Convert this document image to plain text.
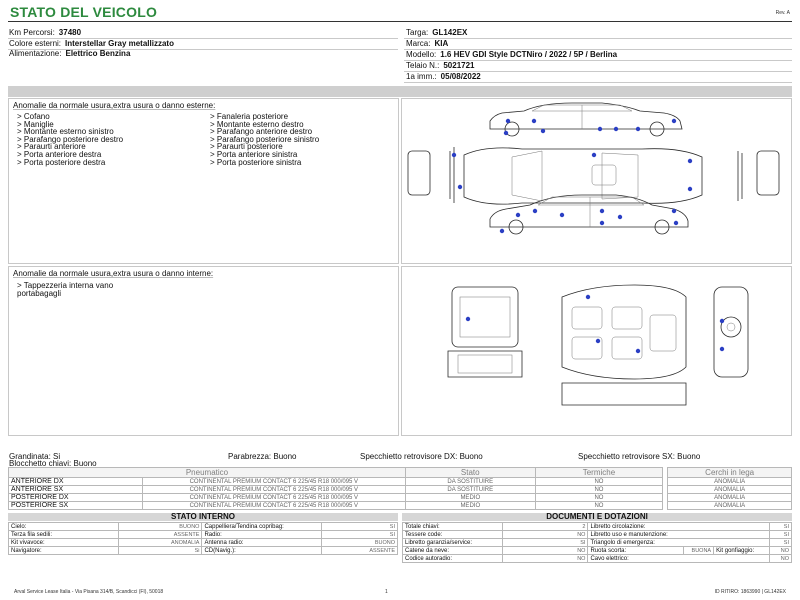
STATO DEL VEICOLO	Rev. A
Km Percorsi: 37480
Colore esterni: Interstellar Gray metallizzato
Alimentazione: Elettrico Benzina
Targa: GL142EX
Marca: KIA
Modello: 1.6 HEV GDI Style DCTNiro / 2022 / 5P / Berlina
Telaio N.: 5021721
1a imm.: 05/08/2022
Anomalie da normale usura,extra usura o danno esterne:
> Cofano
> Maniglie
> Montante esterno sinistro
> Parafango posteriore destro
> Paraurti anteriore
> Porta anteriore destra
> Porta posteriore destra
> Fanaleria posteriore
> Montante esterno destro
> Parafango anteriore destro
> Parafango posteriore sinistro
> Paraurti posteriore
> Porta anteriore sinistra
> Porta posteriore sinistra
Anomalie da normale usura,extra usura o danno interne:
> Tappezzeria interna vano
portabagagli
Grandinata: Si	Parabrezza: Buono	Specchietto retrovisore DX: Buono	Specchietto retrovisore SX: Buono
Blocchetto chiavi: Buono
Pneumatico		Stato	Termiche		Cerchi in lega
ANTERIORE DX	CONTINENTAL PREMIUM CONTACT 6 225/45 R18 000/095 V	DA SOSTITUIRE	NO		ANOMALIA
ANTERIORE SX	CONTINENTAL PREMIUM CONTACT 6 225/45 R18 000/095 V	DA SOSTITUIRE	NO		ANOMALIA
POSTERIORE DX	CONTINENTAL PREMIUM CONTACT 6 225/45 R18 000/095 V	MEDIO	NO		ANOMALIA
POSTERIORE SX	CONTINENTAL PREMIUM CONTACT 6 225/45 R18 000/095 V	MEDIO	NO		ANOMALIA
STATO INTERNO
Cielo:	BUONO	Cappelliera/Tendina copribag:	SI
Terza fila sedili:	ASSENTE	Radio:	SI
Kit vivavoce:	ANOMALIA	Antenna radio:	BUONO
Navigatore:	Si	CD(Navig.):	ASSENTE
DOCUMENTI E DOTAZIONI
Totale chiavi:	2	Libretto circolazione:			SI
Tessere code:	NO	Libretto uso e manutenzione:			SI
Libretto garanzia/service:	SI	Triangolo di emergenza:			SI
Catene da neve:	NO	Ruota scorta:	BUONA	Kit gonfiaggio:	NO
Codice autoradio:	NO	Cavo elettrico:			NO
Arval Service Lease Italia - Via Pisana 314/B, Scandicci (FI), 50018	1	ID RITIRO: 1863990 | GL142EX
